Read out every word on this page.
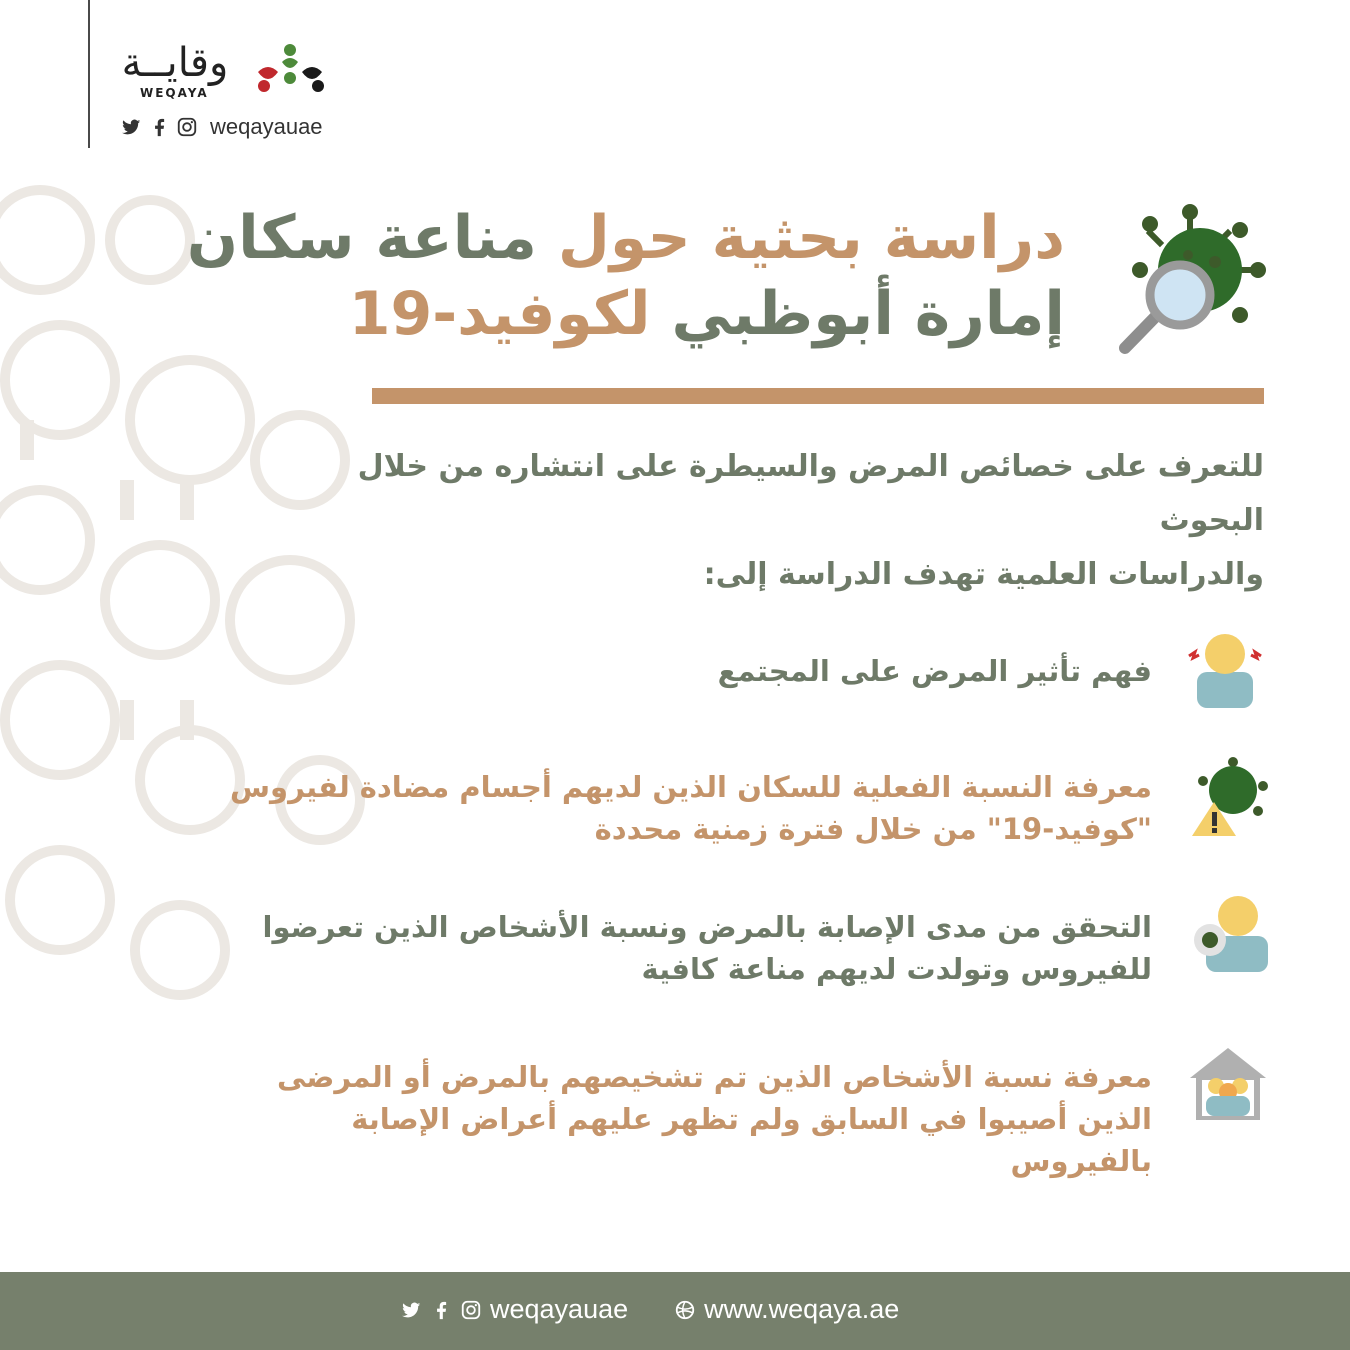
وقايــة
WEQAYA
weqayauae
دراسة بحثية حول مناعة سكان
إمارة أبوظبي لكوفيد-19
للتعرف على خصائص المرض والسيطرة على انتشاره من خلال البحوث
والدراسات العلمية تهدف الدراسة إلى:
فهم تأثير المرض على المجتمع
معرفة النسبة الفعلية للسكان الذين لديهم أجسام مضادة لفيروس "كوفيد-19" من خلال فترة زمنية محددة
التحقق من مدى الإصابة بالمرض ونسبة الأشخاص الذين تعرضوا للفيروس وتولدت لديهم مناعة كافية
معرفة نسبة الأشخاص الذين تم تشخيصهم بالمرض أو المرضى الذين أصيبوا في السابق ولم تظهر عليهم أعراض الإصابة بالفيروس
weqayauae	www.weqaya.ae
